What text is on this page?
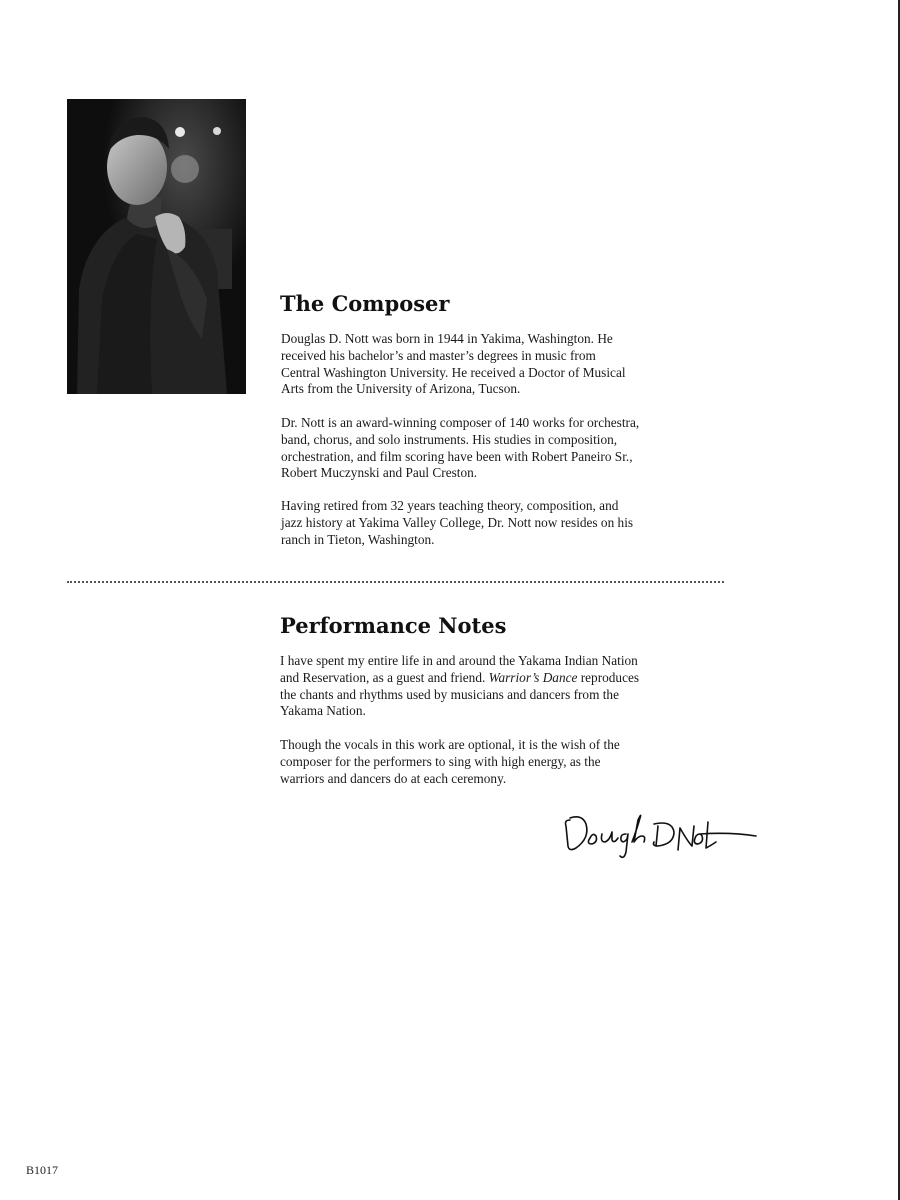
The Composer

Douglas D. Nott was born in 1944 in Yakima, Washington. He
received his bachelor’s and master’s degrees in music from
Central Washington University. He received a Doctor of Musical
Arts from the University of Arizona, Tucson.

Dr. Nott is an award-winning composer of 140 works for orchestra,
band, chorus, and solo instruments. His studies in composition,
orchestration, and film scoring have been with Robert Paneiro Sr.,
Robert Muczynski and Paul Creston.

Having retired from 32 years teaching theory, composition, and
jazz history at Yakima Valley College, Dr. Nott now resides on his
ranch in Tieton, Washington.

Performance Notes

I have spent my entire life in and around the Yakama Indian Nation
and Reservation, as a guest and friend. Warrior’s Dance reproduces
the chants and rhythms used by musicians and dancers from the
Yakama Nation.

Though the vocals in this work are optional, it is the wish of the
composer for the performers to sing with high energy, as the
warriors and dancers do at each ceremony.

B1017
